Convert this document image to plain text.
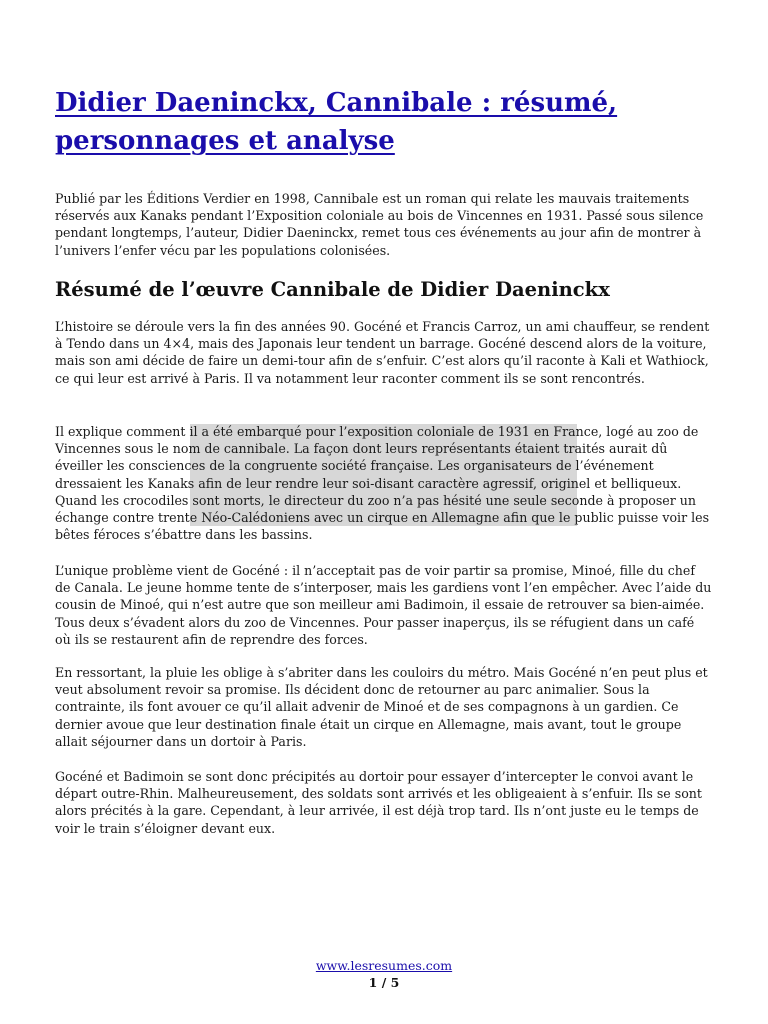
Didier Daeninckx, Cannibale : résumé, personnages et analyse

Publié par les Éditions Verdier en 1998, Cannibale est un roman qui relate les mauvais traitements réservés aux Kanaks pendant l’Exposition coloniale au bois de Vincennes en 1931. Passé sous silence pendant longtemps, l’auteur, Didier Daeninckx, remet tous ces événements au jour afin de montrer à l’univers l’enfer vécu par les populations colonisées.

Résumé de l’œuvre Cannibale de Didier Daeninckx

L’histoire se déroule vers la fin des années 90. Gocéné et Francis Carroz, un ami chauffeur, se rendent à Tendo dans un 4×4, mais des Japonais leur tendent un barrage. Gocéné descend alors de la voiture, mais son ami décide de faire un demi-tour afin de s’enfuir. C’est alors qu’il raconte à Kali et Wathiock, ce qui leur est arrivé à Paris. Il va notamment leur raconter comment ils se sont rencontrés.

Il explique comment il a été embarqué pour l’exposition coloniale de 1931 en France, logé au zoo de Vincennes sous le nom de cannibale. La façon dont leurs représentants étaient traités aurait dû éveiller les consciences de la congruente société française. Les organisateurs de l’événement dressaient les Kanaks afin de leur rendre leur soi-disant caractère agressif, originel et belliqueux. Quand les crocodiles sont morts, le directeur du zoo n’a pas hésité une seule seconde à proposer un échange contre trente Néo-Calédoniens avec un cirque en Allemagne afin que le public puisse voir les bêtes féroces s’ébattre dans les bassins.

L’unique problème vient de Gocéné : il n’acceptait pas de voir partir sa promise, Minoé, fille du chef de Canala. Le jeune homme tente de s’interposer, mais les gardiens vont l’en empêcher. Avec l’aide du cousin de Minoé, qui n’est autre que son meilleur ami Badimoin, il essaie de retrouver sa bien-aimée. Tous deux s’évadent alors du zoo de Vincennes. Pour passer inaperçus, ils se réfugient dans un café où ils se restaurent afin de reprendre des forces.

En ressortant, la pluie les oblige à s’abriter dans les couloirs du métro. Mais Gocéné n’en peut plus et veut absolument revoir sa promise. Ils décident donc de retourner au parc animalier. Sous la contrainte, ils font avouer ce qu’il allait advenir de Minoé et de ses compagnons à un gardien. Ce dernier avoue que leur destination finale était un cirque en Allemagne, mais avant, tout le groupe allait séjourner dans un dortoir à Paris.

Gocéné et Badimoin se sont donc précipités au dortoir pour essayer d’intercepter le convoi avant le départ outre-Rhin. Malheureusement, des soldats sont arrivés et les obligeaient à s’enfuir. Ils se sont alors précités à la gare. Cependant, à leur arrivée, il est déjà trop tard. Ils n’ont juste eu le temps de voir le train s’éloigner devant eux.

www.lesresumes.com
1 / 5
